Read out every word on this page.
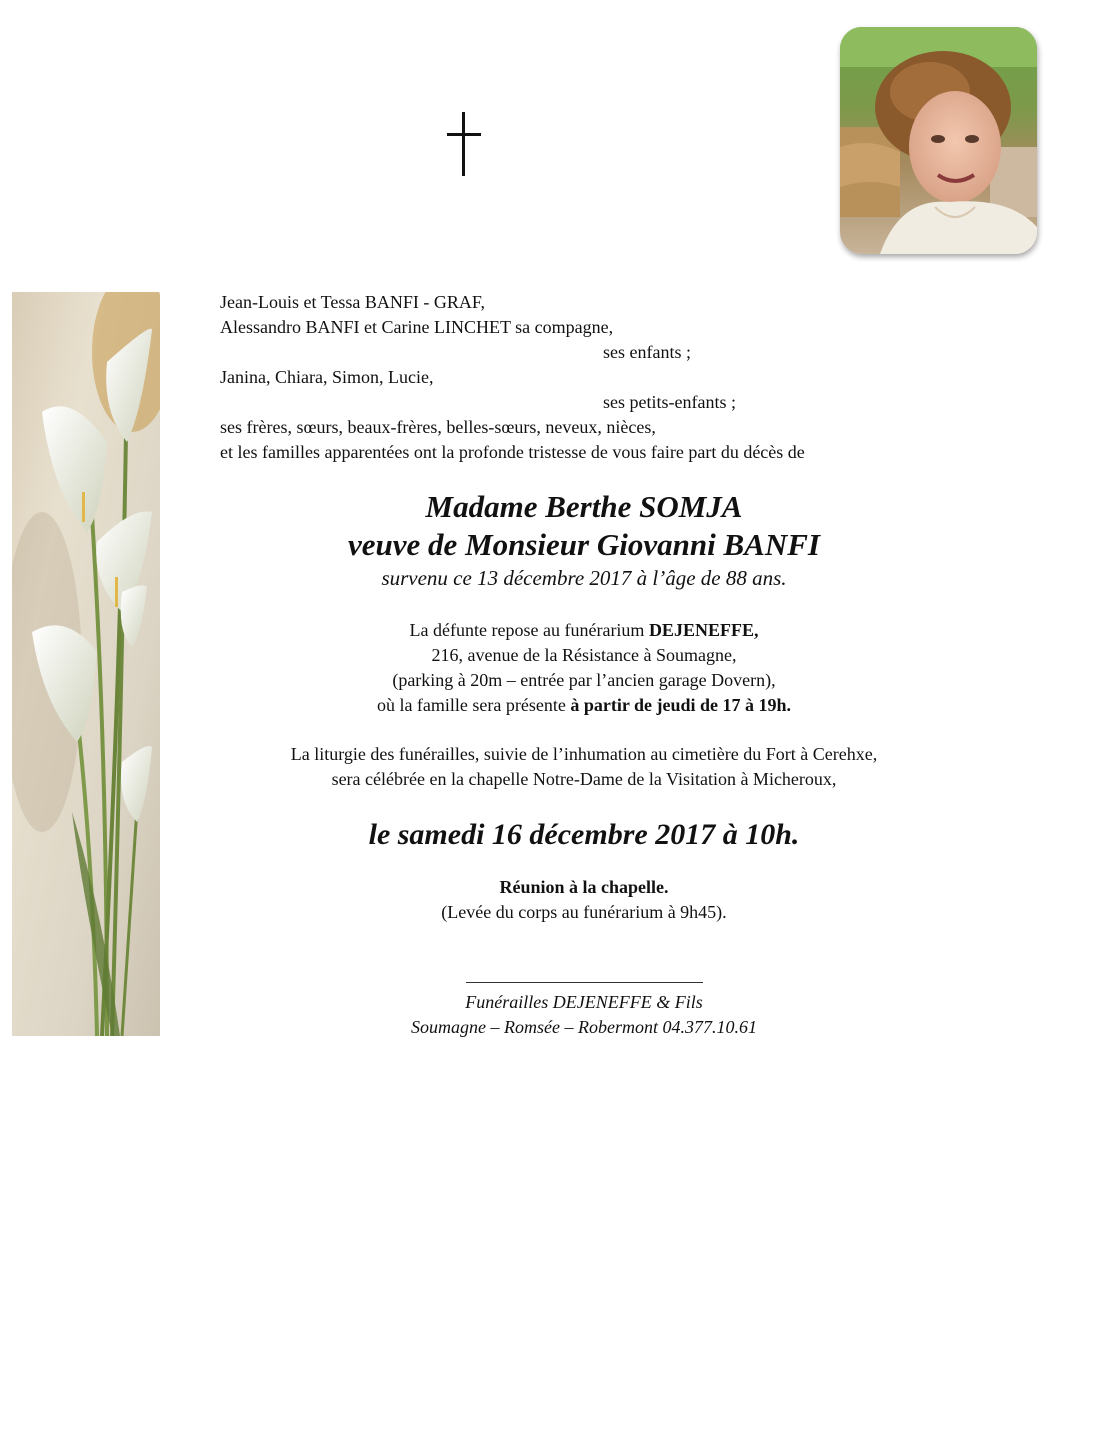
Jean-Louis et Tessa BANFI - GRAF,
Alessandro BANFI et Carine LINCHET sa compagne,
ses enfants ;
Janina, Chiara, Simon, Lucie,
ses petits-enfants ;
ses frères, sœurs, beaux-frères, belles-sœurs, neveux, nièces,
et les familles apparentées ont la profonde tristesse de vous faire part du décès de
Madame Berthe SOMJA
veuve de Monsieur Giovanni BANFI
survenu ce 13 décembre 2017 à l’âge de 88 ans.
La défunte repose au funérarium DEJENEFFE,
216, avenue de la Résistance à Soumagne,
(parking à 20m – entrée par l’ancien garage Dovern),
où la famille sera présente à partir de jeudi de 17 à 19h.
La liturgie des funérailles, suivie de l’inhumation au cimetière du Fort à Cerehxe,
sera célébrée en la chapelle Notre-Dame de la Visitation à Micheroux,
le samedi 16 décembre 2017 à 10h.
Réunion à la chapelle.
(Levée du corps au funérarium à 9h45).
Funérailles DEJENEFFE & Fils
Soumagne – Romsée – Robermont 04.377.10.61
